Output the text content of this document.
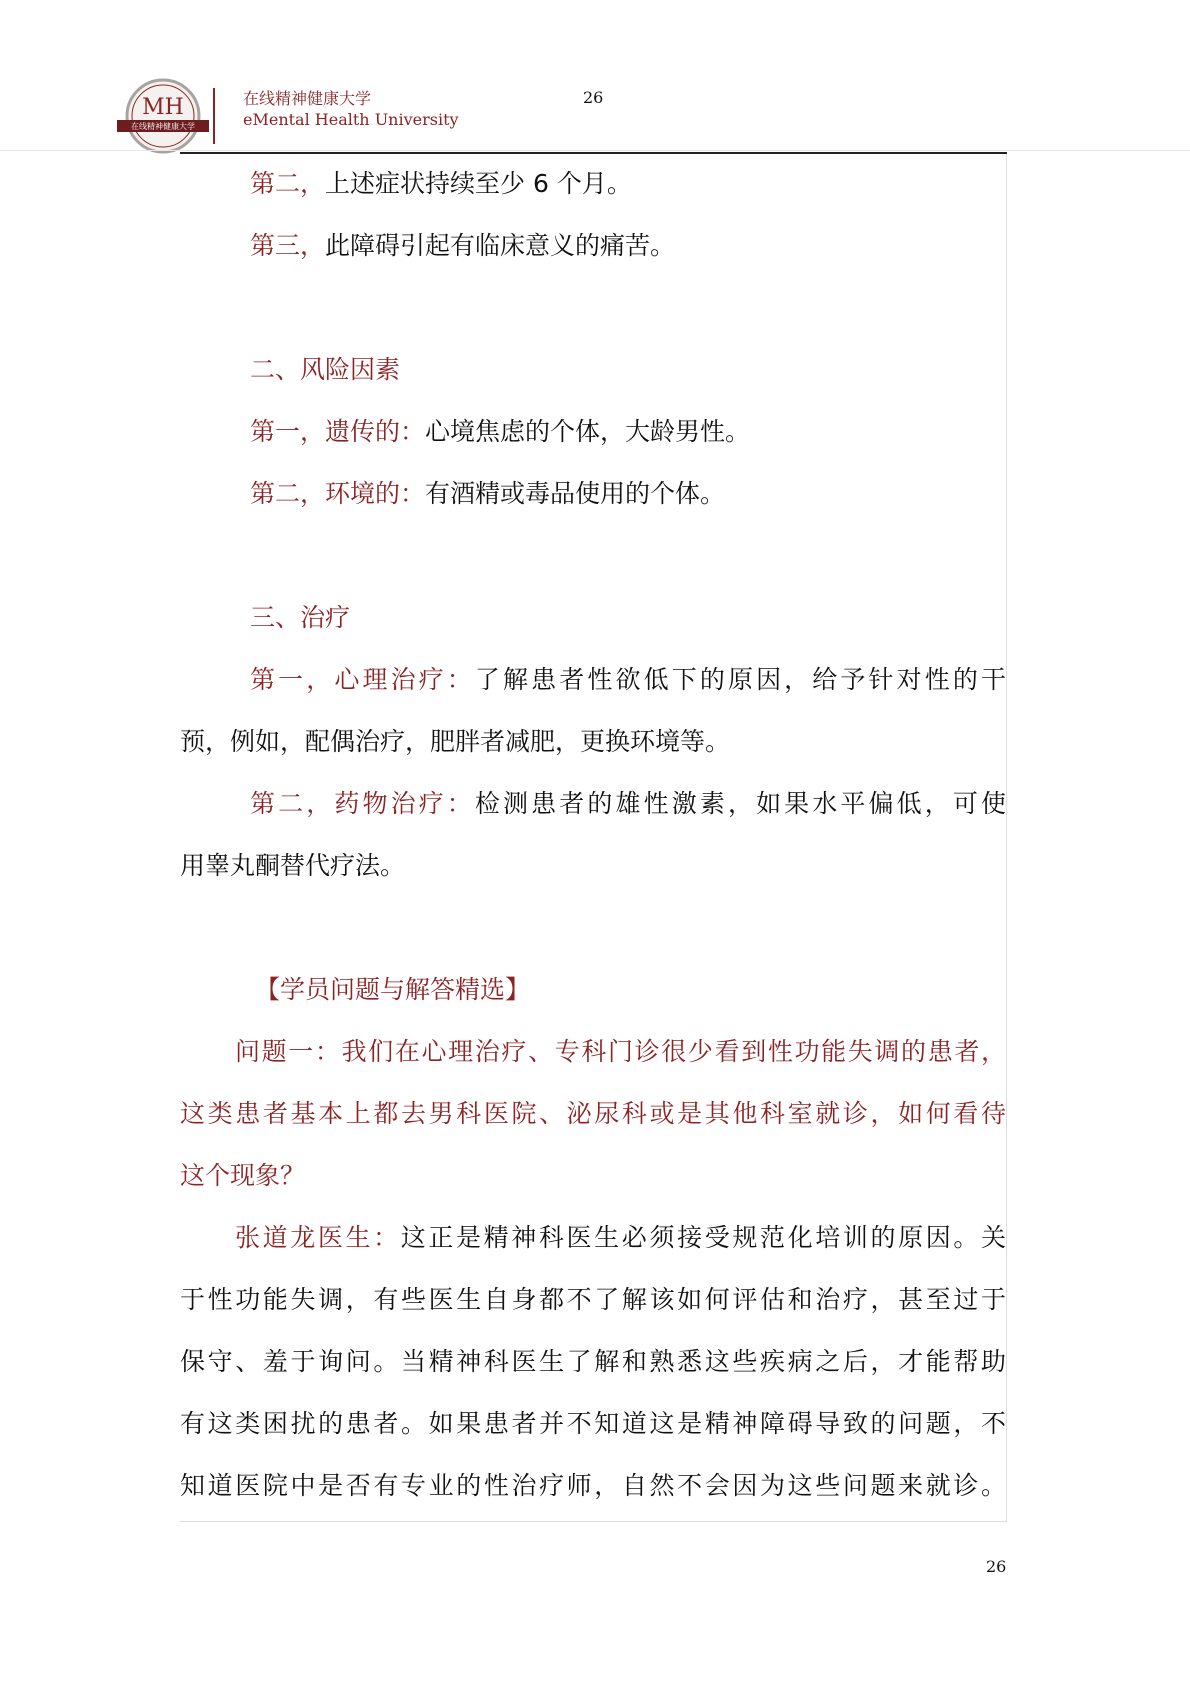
MH
在线精神健康大学
在线精神健康大学
eMental Health University
26
第二，上述症状持续至少 6 个月。
第三，此障碍引起有临床意义的痛苦。
二、风险因素
第一，遗传的：心境焦虑的个体，大龄男性。
第二，环境的：有酒精或毒品使用的个体。
三、治疗
第一，心理治疗：了解患者性欲低下的原因，给予针对性的干
预，例如，配偶治疗，肥胖者减肥，更换环境等。
第二，药物治疗：检测患者的雄性激素，如果水平偏低，可使
用睾丸酮替代疗法。
【学员问题与解答精选】
问题一：我们在心理治疗、专科门诊很少看到性功能失调的患者，
这类患者基本上都去男科医院、泌尿科或是其他科室就诊，如何看待
这个现象？
张道龙医生：这正是精神科医生必须接受规范化培训的原因。关
于性功能失调，有些医生自身都不了解该如何评估和治疗，甚至过于
保守、羞于询问。当精神科医生了解和熟悉这些疾病之后，才能帮助
有这类困扰的患者。如果患者并不知道这是精神障碍导致的问题，不
知道医院中是否有专业的性治疗师，自然不会因为这些问题来就诊。
26
